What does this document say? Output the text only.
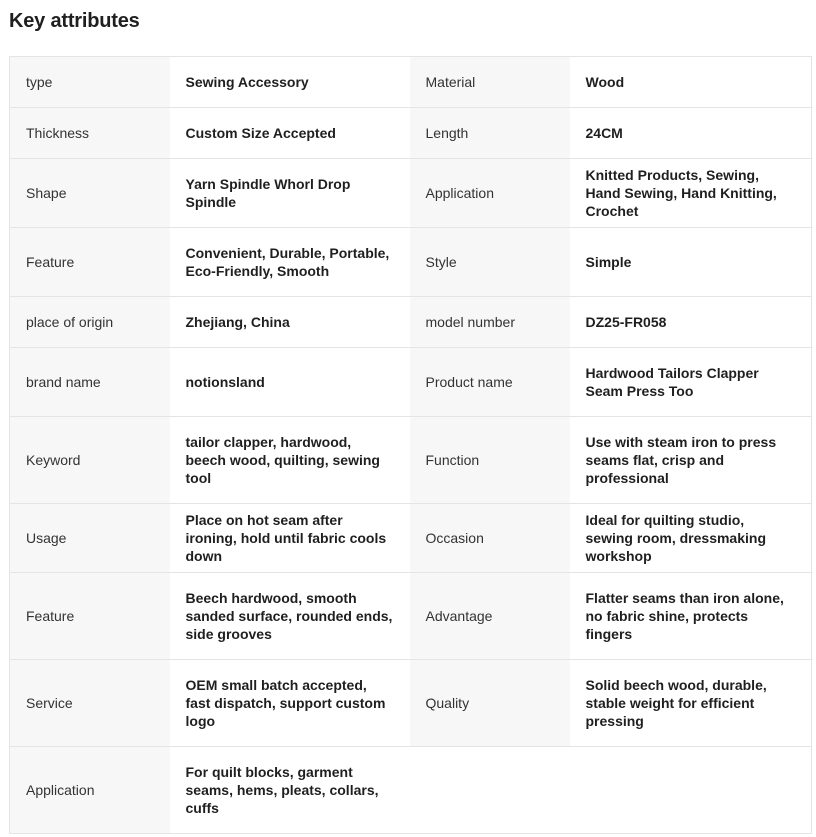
Key attributes
type	Sewing Accessory	Material	Wood
Thickness	Custom Size Accepted	Length	24CM
Shape	Yarn Spindle Whorl Drop Spindle	Application	Knitted Products, Sewing, Hand Sewing, Hand Knitting, Crochet
Feature	Convenient, Durable, Portable, Eco-Friendly, Smooth	Style	Simple
place of origin	Zhejiang, China	model number	DZ25-FR058
brand name	notionsland	Product name	Hardwood Tailors Clapper Seam Press Too
Keyword	tailor clapper, hardwood, beech wood, quilting, sewing tool	Function	Use with steam iron to press seams flat, crisp and professional
Usage	Place on hot seam after ironing, hold until fabric cools down	Occasion	Ideal for quilting studio, sewing room, dressmaking workshop
Feature	Beech hardwood, smooth sanded surface, rounded ends, side grooves	Advantage	Flatter seams than iron alone, no fabric shine, protects fingers
Service	OEM small batch accepted, fast dispatch, support custom logo	Quality	Solid beech wood, durable, stable weight for efficient pressing
Application	For quilt blocks, garment seams, hems, pleats, collars, cuffs		
